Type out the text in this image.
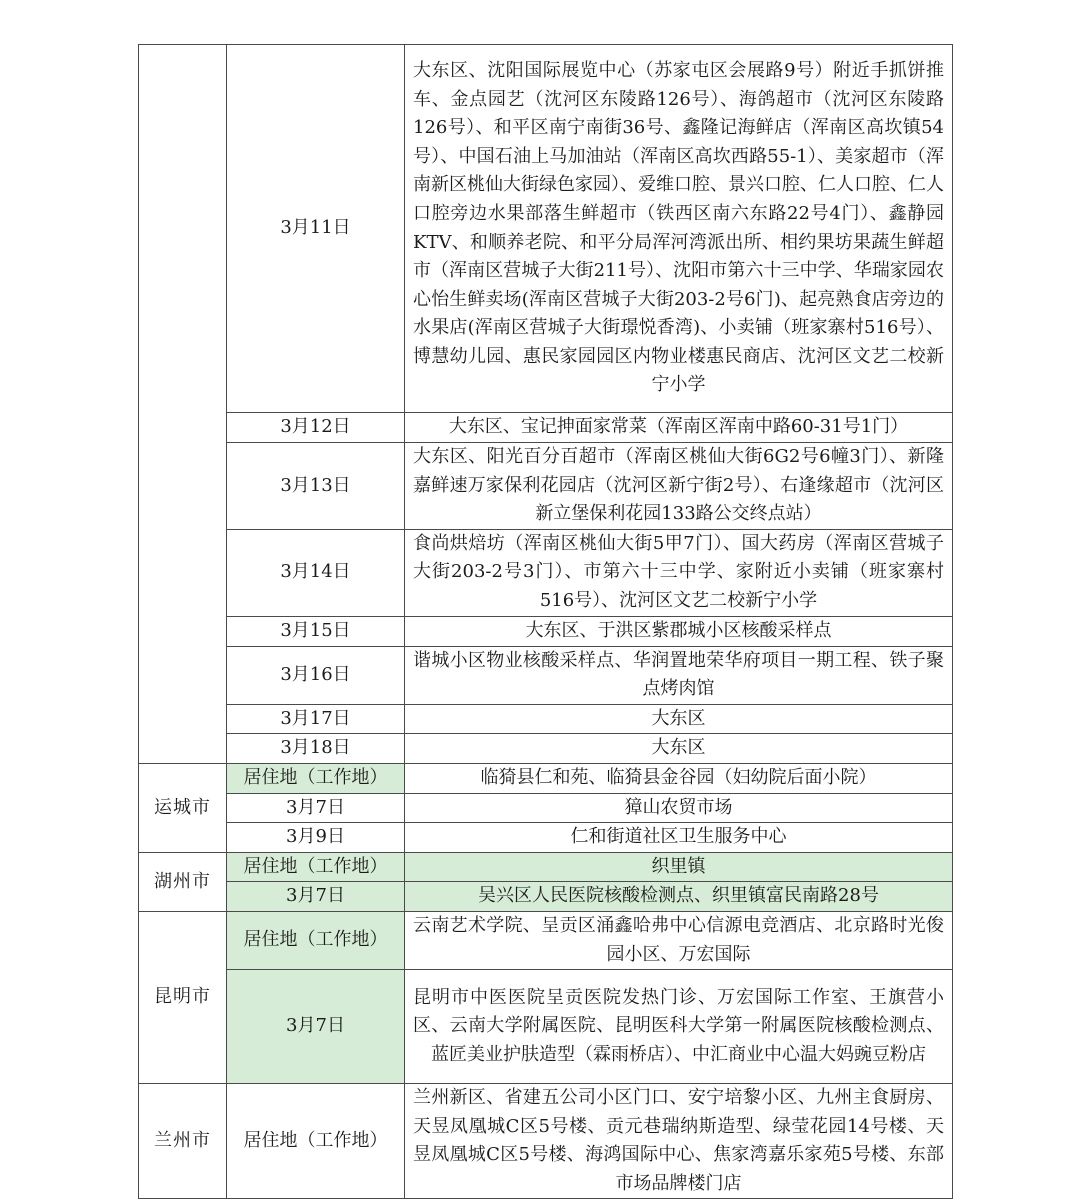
	3月11日	大东区、沈阳国际展览中心（苏家屯区会展路9号）附近手抓饼推车、金点园艺（沈河区东陵路126号）、海鸽超市（沈河区东陵路126号）、和平区南宁南街36号、鑫隆记海鲜店（浑南区高坎镇54号）、中国石油上马加油站（浑南区高坎西路55-1）、美家超市（浑南新区桃仙大街绿色家园）、爱维口腔、景兴口腔、仁人口腔、仁人口腔旁边水果部落生鲜超市（铁西区南六东路22号4门）、鑫静园KTV、和顺养老院、和平分局浑河湾派出所、相约果坊果蔬生鲜超市（浑南区营城子大街211号）、沈阳市第六十三中学、华瑞家园农心怡生鲜卖场(浑南区营城子大街203-2号6门)、起亮熟食店旁边的水果店(浑南区营城子大街璟悦香湾)、小卖铺（班家寨村516号）、博慧幼儿园、惠民家园园区内物业楼惠民商店、沈河区文艺二校新宁小学
	3月12日	大东区、宝记抻面家常菜（浑南区浑南中路60-31号1门）
	3月13日	大东区、阳光百分百超市（浑南区桃仙大街6G2号6幢3门）、新隆嘉鲜速万家保利花园店（沈河区新宁街2号）、右逢缘超市（沈河区新立堡保利花园133路公交终点站）
	3月14日	食尚烘焙坊（浑南区桃仙大街5甲7门）、国大药房（浑南区营城子大街203-2号3门）、市第六十三中学、家附近小卖铺（班家寨村516号）、沈河区文艺二校新宁小学
	3月15日	大东区、于洪区紫郡城小区核酸采样点
	3月16日	谐城小区物业核酸采样点、华润置地荣华府项目一期工程、铁子聚点烤肉馆
	3月17日	大东区
	3月18日	大东区
运城市	居住地（工作地）	临猗县仁和苑、临猗县金谷园（妇幼院后面小院）
	3月7日	獐山农贸市场
	3月9日	仁和街道社区卫生服务中心
湖州市	居住地（工作地）	织里镇
	3月7日	吴兴区人民医院核酸检测点、织里镇富民南路28号
昆明市	居住地（工作地）	云南艺术学院、呈贡区涌鑫哈弗中心信源电竞酒店、北京路时光俊园小区、万宏国际
	3月7日	昆明市中医医院呈贡医院发热门诊、万宏国际工作室、王旗营小区、云南大学附属医院、昆明医科大学第一附属医院核酸检测点、蓝匠美业护肤造型（霖雨桥店）、中汇商业中心温大妈豌豆粉店
兰州市	居住地（工作地）	兰州新区、省建五公司小区门口、安宁培黎小区、九州主食厨房、天昱凤凰城C区5号楼、贡元巷瑞纳斯造型、绿莹花园14号楼、天昱凤凰城C区5号楼、海鸿国际中心、焦家湾嘉乐家苑5号楼、东部市场品牌楼门店
